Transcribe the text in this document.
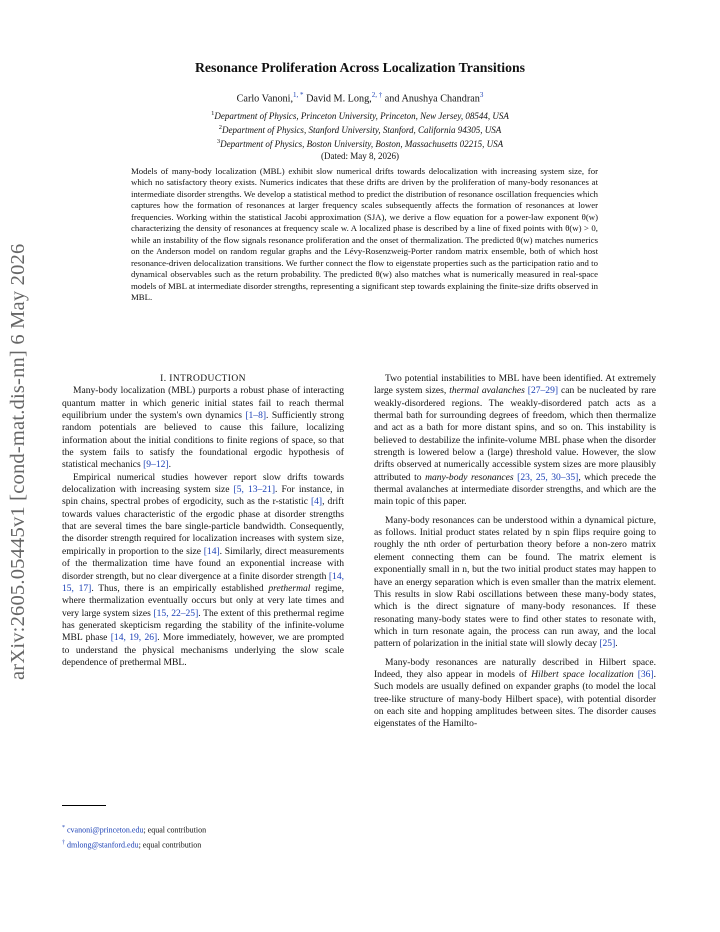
arXiv:2605.05445v1 [cond-mat.dis-nn] 6 May 2026
Resonance Proliferation Across Localization Transitions
Carlo Vanoni,$^{1, *}$ David M. Long,$^{2, \dagger}$ and Anushya Chandran$^3$
$^1$Department of Physics, Princeton University, Princeton, New Jersey, 08544, USA
$^2$Department of Physics, Stanford University, Stanford, California 94305, USA
$^3$Department of Physics, Boston University, Boston, Massachusetts 02215, USA
(Dated: May 8, 2026)
Models of many-body localization (MBL) exhibit slow numerical drifts towards delocalization with increasing system size, for which no satisfactory theory exists. Numerics indicates that these drifts are driven by the proliferation of many-body resonances at intermediate disorder strengths. We develop a statistical method to predict the distribution of resonance oscillation frequencies which captures how the formation of resonances at larger frequency scales subsequently affects the formation of resonances at lower frequencies. Working within the statistical Jacobi approximation (SJA), we derive a flow equation for a power-law exponent θ(w) characterizing the density of resonances at frequency scale w. A localized phase is described by a line of fixed points with θ(w) > 0, while an instability of the flow signals resonance proliferation and the onset of thermalization. The predicted θ(w) matches numerics on the Anderson model on random regular graphs and the Lévy-Rosenzweig-Porter random matrix ensemble, both of which host resonance-driven delocalization transitions. We further connect the flow to eigenstate properties such as the participation ratio and to dynamical observables such as the return probability. The predicted θ(w) also matches what is numerically measured in real-space models of MBL at intermediate disorder strengths, representing a significant step towards explaining the finite-size drifts observed in MBL.

I. INTRODUCTION

Many-body localization (MBL) purports a robust phase of interacting quantum matter in which generic initial states fail to reach thermal equilibrium under the system's own dynamics [1–8]. Sufficiently strong random potentials are believed to cause this failure, localizing information about the initial conditions to finite regions of space, so that the system fails to satisfy the foundational ergodic hypothesis of statistical mechanics [9–12].

Empirical numerical studies however report slow drifts towards delocalization with increasing system size [5, 13–21]. For instance, in spin chains, spectral probes of ergodicity, such as the r-statistic [4], drift towards values characteristic of the ergodic phase at disorder strengths that are several times the bare single-particle bandwidth. Consequently, the disorder strength required for localization increases with system size, empirically in proportion to the size [14]. Similarly, direct measurements of the thermalization time have found an exponential increase with disorder strength, but no clear divergence at a finite disorder strength [14, 15, 17]. Thus, there is an empirically established prethermal regime, where thermalization eventually occurs but only at very late times and very large system sizes [15, 22–25]. The extent of this prethermal regime has generated skepticism regarding the stability of the infinite-volume MBL phase [14, 19, 26]. More immediately, however, we are prompted to understand the physical mechanisms underlying the slow scale dependence of prethermal MBL.

Two potential instabilities to MBL have been identified. At extremely large system sizes, thermal avalanches [27–29] can be nucleated by rare weakly-disordered regions. The weakly-disordered patch acts as a thermal bath for surrounding degrees of freedom, which then thermalize and act as a bath for more distant spins, and so on. This instability is believed to destabilize the infinite-volume MBL phase when the disorder strength is lowered below a (large) threshold value. However, the slow drifts observed at numerically accessible system sizes are more plausibly attributed to many-body resonances [23, 25, 30–35], which precede the thermal avalanches at intermediate disorder strengths, and which are the main topic of this paper.

Many-body resonances can be understood within a dynamical picture, as follows. Initial product states related by n spin flips require going to roughly the nth order of perturbation theory before a non-zero matrix element connecting them can be found. The matrix element is exponentially small in n, but the two initial product states may happen to have an energy separation which is even smaller than the matrix element. This results in slow Rabi oscillations between these many-body states, which is the direct signature of many-body resonances. If these resonating many-body states were to find other states to resonate with, which in turn resonate again, the process can run away, and the local pattern of polarization in the initial state will slowly decay [25].

Many-body resonances are naturally described in Hilbert space. Indeed, they also appear in models of Hilbert space localization [36]. Such models are usually defined on expander graphs (to model the local tree-like structure of many-body Hilbert space), with potential disorder on each site and hopping amplitudes between sites. The disorder causes eigenstates of the Hamilto-

* cvanoni@princeton.edu; equal contribution
† dmlong@stanford.edu; equal contribution
